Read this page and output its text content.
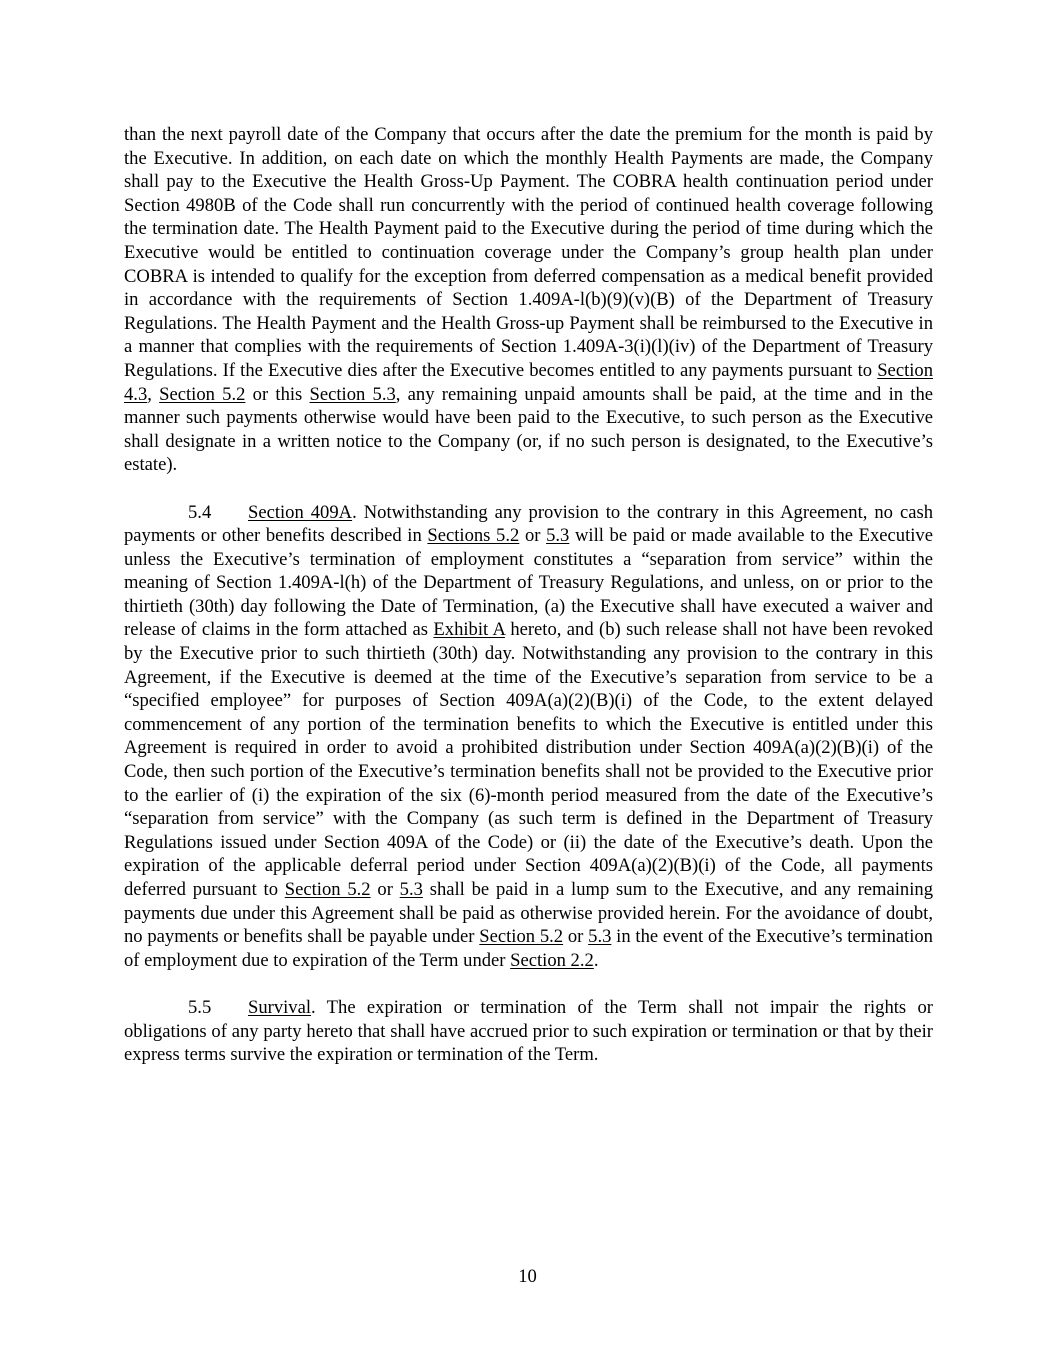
than the next payroll date of the Company that occurs after the date the premium for the month is paid by the Executive. In addition, on each date on which the monthly Health Payments are made, the Company shall pay to the Executive the Health Gross-Up Payment. The COBRA health continuation period under Section 4980B of the Code shall run concurrently with the period of continued health coverage following the termination date. The Health Payment paid to the Executive during the period of time during which the Executive would be entitled to continuation coverage under the Company’s group health plan under COBRA is intended to qualify for the exception from deferred compensation as a medical benefit provided in accordance with the requirements of Section 1.409A-l(b)(9)(v)(B) of the Department of Treasury Regulations. The Health Payment and the Health Gross-up Payment shall be reimbursed to the Executive in a manner that complies with the requirements of Section 1.409A-3(i)(l)(iv) of the Department of Treasury Regulations. If the Executive dies after the Executive becomes entitled to any payments pursuant to Section 4.3, Section 5.2 or this Section 5.3, any remaining unpaid amounts shall be paid, at the time and in the manner such payments otherwise would have been paid to the Executive, to such person as the Executive shall designate in a written notice to the Company (or, if no such person is designated, to the Executive’s estate).

5.4 Section 409A. Notwithstanding any provision to the contrary in this Agreement, no cash payments or other benefits described in Sections 5.2 or 5.3 will be paid or made available to the Executive unless the Executive’s termination of employment constitutes a “separation from service” within the meaning of Section 1.409A-l(h) of the Department of Treasury Regulations, and unless, on or prior to the thirtieth (30th) day following the Date of Termination, (a) the Executive shall have executed a waiver and release of claims in the form attached as Exhibit A hereto, and (b) such release shall not have been revoked by the Executive prior to such thirtieth (30th) day. Notwithstanding any provision to the contrary in this Agreement, if the Executive is deemed at the time of the Executive’s separation from service to be a “specified employee” for purposes of Section 409A(a)(2)(B)(i) of the Code, to the extent delayed commencement of any portion of the termination benefits to which the Executive is entitled under this Agreement is required in order to avoid a prohibited distribution under Section 409A(a)(2)(B)(i) of the Code, then such portion of the Executive’s termination benefits shall not be provided to the Executive prior to the earlier of (i) the expiration of the six (6)-month period measured from the date of the Executive’s “separation from service” with the Company (as such term is defined in the Department of Treasury Regulations issued under Section 409A of the Code) or (ii) the date of the Executive’s death. Upon the expiration of the applicable deferral period under Section 409A(a)(2)(B)(i) of the Code, all payments deferred pursuant to Section 5.2 or 5.3 shall be paid in a lump sum to the Executive, and any remaining payments due under this Agreement shall be paid as otherwise provided herein. For the avoidance of doubt, no payments or benefits shall be payable under Section 5.2 or 5.3 in the event of the Executive’s termination of employment due to expiration of the Term under Section 2.2.

5.5 Survival. The expiration or termination of the Term shall not impair the rights or obligations of any party hereto that shall have accrued prior to such expiration or termination or that by their express terms survive the expiration or termination of the Term.

10
